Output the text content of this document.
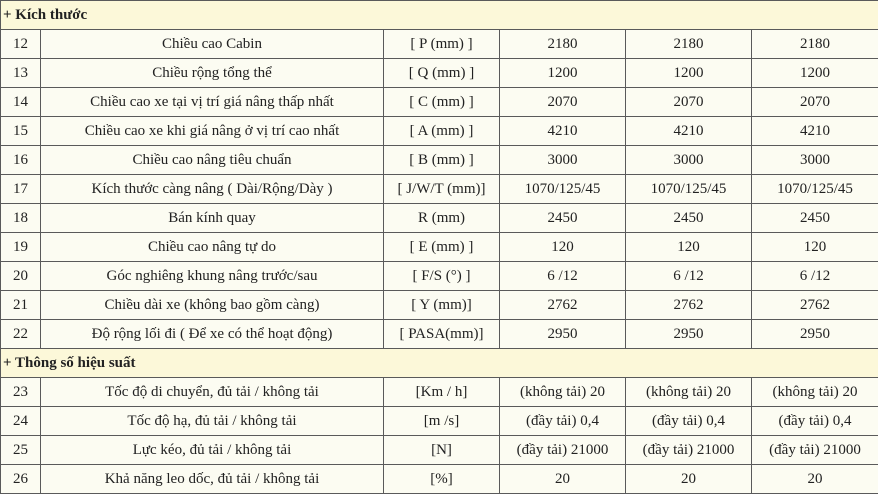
+ Kích thước					
12	Chiều cao Cabin	[ P (mm) ]	2180	2180	2180
13	Chiều rộng tổng thể	[ Q (mm) ]	1200	1200	1200
14	Chiều cao xe tại vị trí giá nâng thấp nhất	[ C (mm) ]	2070	2070	2070
15	Chiều cao xe khi giá nâng ở vị trí cao nhất	[ A (mm) ]	4210	4210	4210
16	Chiều cao nâng tiêu chuẩn	[ B (mm) ]	3000	3000	3000
17	Kích thước càng nâng ( Dài/Rộng/Dày )	[ J/W/T (mm)]	1070/125/45	1070/125/45	1070/125/45
18	Bán kính quay	R (mm)	2450	2450	2450
19	Chiều cao nâng tự do	[ E (mm) ]	120	120	120
20	Góc nghiêng khung nâng trước/sau	[ F/S (°) ]	6 /12	6 /12	6 /12
21	Chiều dài xe (không bao gồm càng)	[ Y (mm)]	2762	2762	2762
22	Độ rộng lối đi ( Để xe có thể hoạt động)	[ PASA(mm)]	2950	2950	2950
+ Thông số hiệu suất					
23	Tốc độ di chuyển, đủ tải / không tải	[Km / h]	(không tải) 20	(không tải) 20	(không tải) 20
24	Tốc độ hạ, đủ tải / không tải	[m /s]	(đầy tải) 0,4	(đầy tải) 0,4	(đầy tải) 0,4
25	Lực kéo, đủ tải / không tải	[N]	(đầy tải) 21000	(đầy tải) 21000	(đầy tải) 21000
26	Khả năng leo dốc, đủ tải / không tải	[%]	20	20	20
